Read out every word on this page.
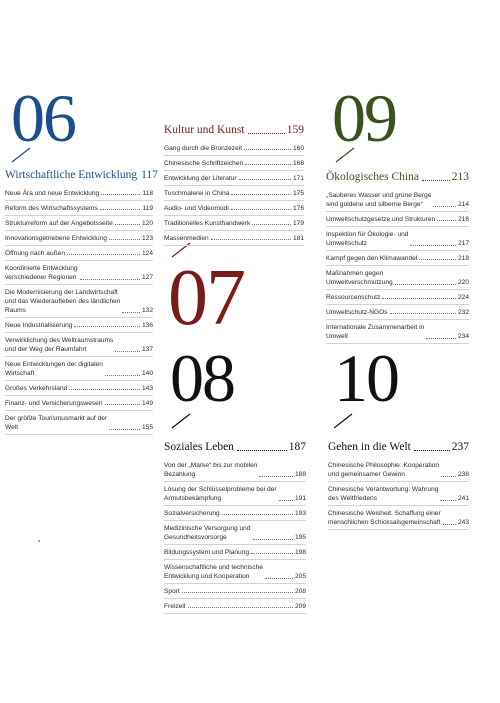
06
07
08
09
10
Wirtschaftliche Entwicklung 117
Neue Ära und neue Entwicklung	118
Reform des Wirtschaftssystems	119
Strukturreform auf der Angebotsseite	120
Innovationsgetriebene Entwicklung	123
Öffnung nach außen	124
Koordinierte Entwicklung
verschiedener Regionen	127
Die Modernisierung der Landwirtschaft
und das Wiederaufleben des ländlichen
Raums	132
Neue Industrialisierung	136
Verwirklichung des Weltraumstraums
und der Weg der Raumfahrt	137
Neue Entwicklungen der digitalen
Wirtschaft	140
Großes Verkehrsland	143
Finanz- und Versicherungswesen	149
Der größte Tourismusmarkt auf der
Welt	155
Kultur und Kunst	159
Gang durch die Bronzezeit	160
Chinesische Schriftzeichen	168
Entwicklung der Literatur	171
Tuschmalerei in China	175
Audio- und Videomodi	176
Traditionelles Kunsthandwerk	179
Massenmedien	181
Soziales Leben	187
Von der „Marke“ bis zur mobilen
Bezahlung	188
Lösung der Schlüsselprobleme bei der
Armutsbekämpfung	191
Sozialversicherung	193
Medizinische Versorgung und
Gesundheitsvorsorge	195
Bildungssystem und Planung	198
Wissenschaftliche und technische
Entwicklung und Kooperation	205
Sport	208
Freizeit	209
Ökologisches China	213
„Sauberes Wasser und grüne Berge
sind goldene und silberne Berge“	214
Umweltschutzgesetze und Strukturen	216
Inspektion für Ökologie- und
Umweltschutz	217
Kampf gegen den Klimawandel	218
Maßnahmen gegen
Umweltverschmutzung	220
Ressourcenschutz	224
Umweltschutz-NGOs	232
Internationale Zusammenarbeit in
Umwelt	234
Gehen in die Welt	237
Chinesische Philosophie: Kooperation
und gemeinsamer Gewinn	238
Chinesische Verantwortung: Wahrung
des Weltfriedens	241
Chinesische Weisheit: Schaffung einer
menschlichen Schicksalsgemeinschaft	243
